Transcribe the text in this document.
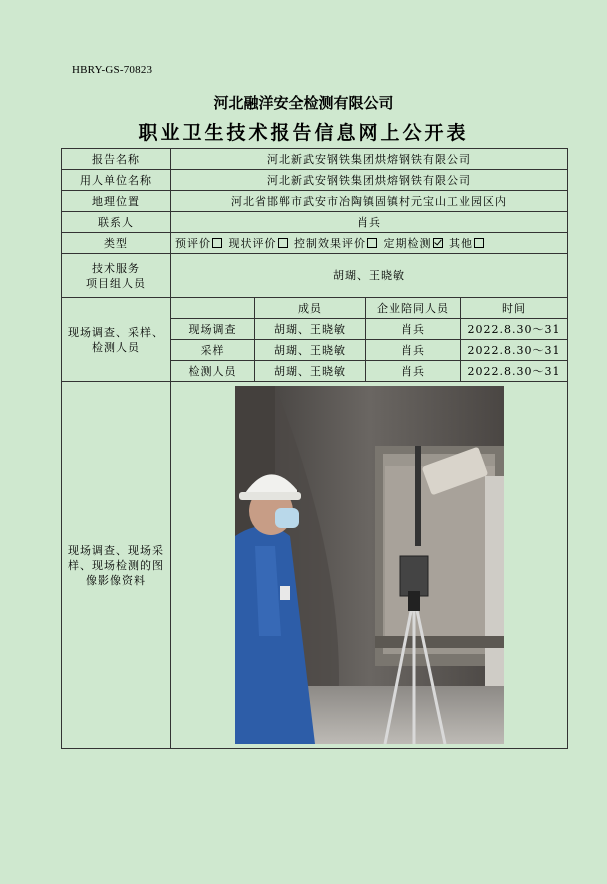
HBRY-GS-70823
河北融洋安全检测有限公司
职业卫生技术报告信息网上公开表
报告名称	河北新武安钢铁集团烘熔钢铁有限公司			
用人单位名称	河北新武安钢铁集团烘熔钢铁有限公司			
地理位置	河北省邯郸市武安市冶陶镇固镇村元宝山工业园区内			
联系人	肖兵			
类型	预评价 现状评价 控制效果评价 定期检测 其他			

技术服务
项目组人员	胡瑚、王晓敏			

现场调查、采样、
检测人员		成员	企业陪同人员	时间
	现场调查	胡瑚、王晓敏	肖兵	2022.8.30～31
	采样	胡瑚、王晓敏	肖兵	2022.8.30～31
	检测人员	胡瑚、王晓敏	肖兵	2022.8.30～31

现场调查、现场采
样、现场检测的图
像影像资料
